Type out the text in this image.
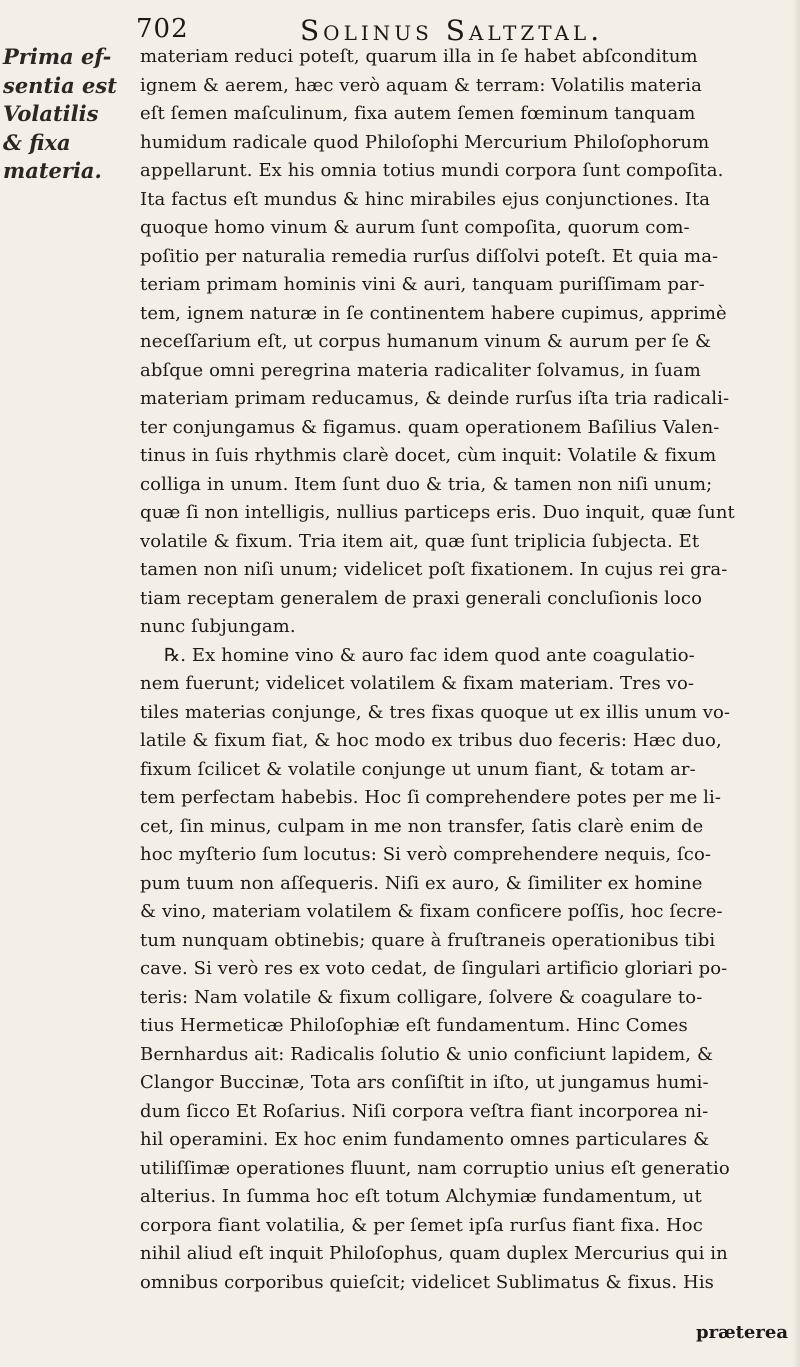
702	Solinus Saltztal.
Prima ef-
sentia est
Volatilis
& fixa
materia.
materiam reduci poteſt, quarum illa in ſe habet abſconditum
ignem & aerem, hæc verò aquam & terram: Volatilis materia
eſt ſemen maſculinum, fixa autem ſemen fœminum tanquam
humidum radicale quod Philoſophi Mercurium Philoſophorum
appellarunt. Ex his omnia totius mundi corpora ſunt compoſita.
Ita factus eſt mundus & hinc mirabiles ejus conjunctiones. Ita
quoque homo vinum & aurum ſunt compoſita, quorum com-
poſitio per naturalia remedia rurſus diſſolvi poteſt. Et quia ma-
teriam primam hominis vini & auri, tanquam puriſſimam par-
tem, ignem naturæ in ſe continentem habere cupimus, apprimè
neceſſarium eſt, ut corpus humanum vinum & aurum per ſe &
abſque omni peregrina materia radicaliter ſolvamus, in ſuam
materiam primam reducamus, & deinde rurſus iſta tria radicali-
ter conjungamus & figamus. quam operationem Baſilius Valen-
tinus in ſuis rhythmis clarè docet, cùm inquit: Volatile & fixum
colliga in unum. Item ſunt duo & tria, & tamen non niſi unum;
quæ ſi non intelligis, nullius particeps eris. Duo inquit, quæ ſunt
volatile & fixum. Tria item ait, quæ ſunt triplicia ſubjecta. Et
tamen non niſi unum; videlicet poſt fixationem. In cujus rei gra-
tiam receptam generalem de praxi generali concluſionis loco
nunc ſubjungam.
℞. Ex homine vino & auro fac idem quod ante coagulatio-
nem fuerunt; videlicet volatilem & fixam materiam. Tres vo-
tiles materias conjunge, & tres fixas quoque ut ex illis unum vo-
latile & fixum fiat, & hoc modo ex tribus duo feceris: Hæc duo,
fixum ſcilicet & volatile conjunge ut unum fiant, & totam ar-
tem perfectam habebis. Hoc ſi comprehendere potes per me li-
cet, ſin minus, culpam in me non transfer, ſatis clarè enim de
hoc myſterio ſum locutus: Si verò comprehendere nequis, ſco-
pum tuum non aſſequeris. Niſi ex auro, & ſimiliter ex homine
& vino, materiam volatilem & fixam conficere poſſis, hoc ſecre-
tum nunquam obtinebis; quare à fruſtraneis operationibus tibi
cave. Si verò res ex voto cedat, de ſingulari artificio gloriari po-
teris: Nam volatile & fixum colligare, ſolvere & coagulare to-
tius Hermeticæ Philoſophiæ eſt fundamentum. Hinc Comes
Bernhardus ait: Radicalis ſolutio & unio conficiunt lapidem, &
Clangor Buccinæ, Tota ars conſiſtit in iſto, ut jungamus humi-
dum ſicco Et Roſarius. Niſi corpora veſtra fiant incorporea ni-
hil operamini. Ex hoc enim fundamento omnes particulares &
utiliſſimæ operationes fluunt, nam corruptio unius eſt generatio
alterius. In ſumma hoc eſt totum Alchymiæ fundamentum, ut
corpora fiant volatilia, & per ſemet ipſa rurſus fiant fixa. Hoc
nihil aliud eſt inquit Philoſophus, quam duplex Mercurius qui in
omnibus corporibus quieſcit; videlicet Sublimatus & fixus. His
præterea
